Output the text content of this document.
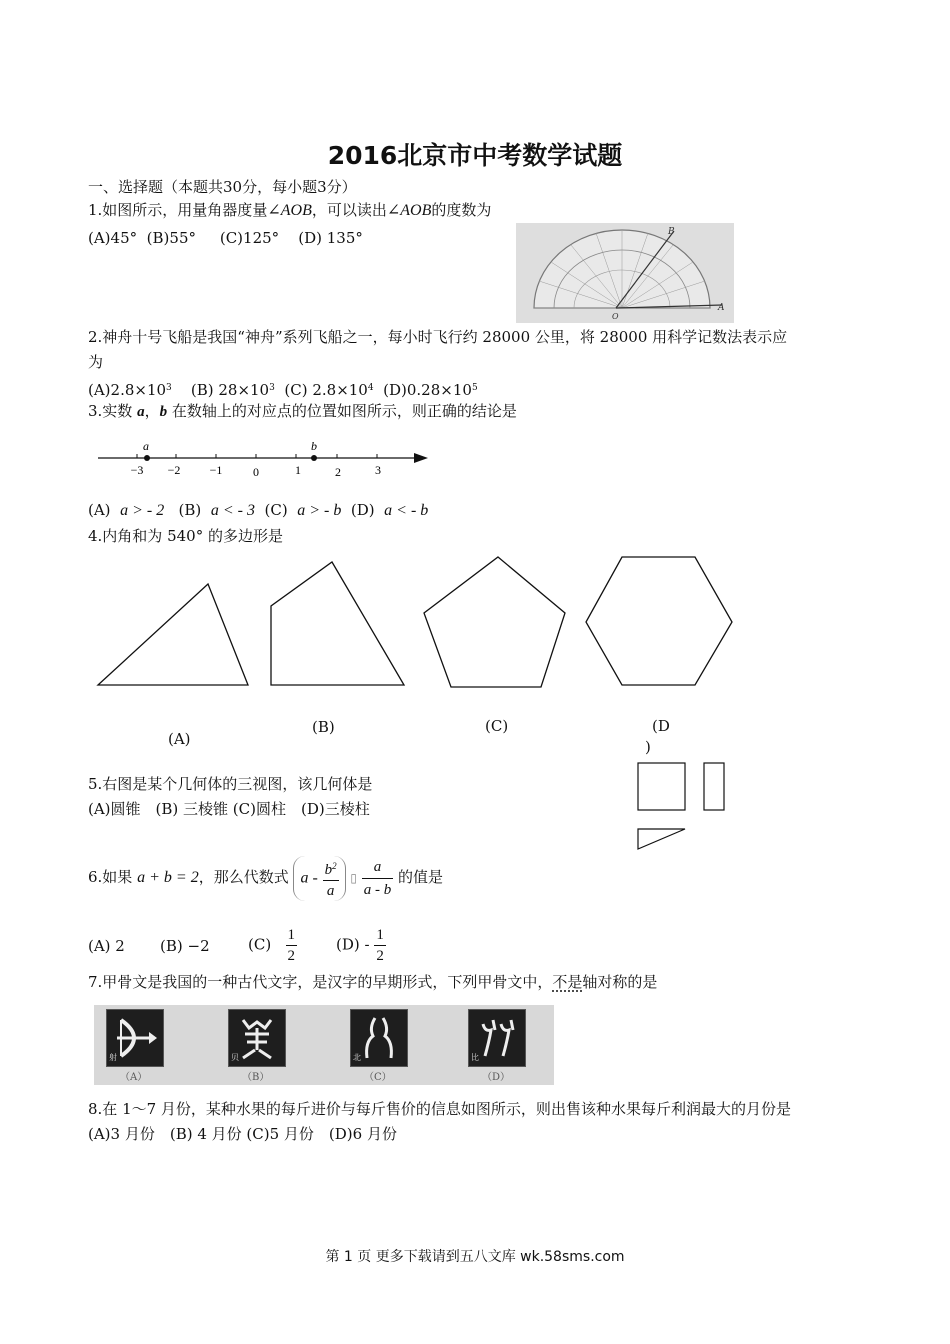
2016北京市中考数学试题
一、选择题（本题共30分，每小题3分）
1.如图所示，用量角器度量∠AOB，可以读出∠AOB的度数为
(A)45° (B)55° (C)125° (D) 135°	B
A
O
2.神舟十号飞船是我国“神舟”系列飞船之一，每小时飞行约 28000 公里，将 28000 用科学记数法表示应
为
$(A)2.8\times 10^3$ (B) $28\times 10^3$ (C) $2.8\times 10^4$ $(D)0.28\times 10^5$
3.实数 a，b 在数轴上的对应点的位置如图所示，则正确的结论是
a	b
−3 −2 −1	0	1	2	3
(A) a > - 2 (B) a < - 3 (C) a > - b (D) a < - b
4.内角和为 540° 的多边形是
(A)
(B)	(C)	(D
)
5.右图是某个几何体的三视图，该几何体是
(A)圆锥　(B) 三棱锥 (C)圆柱　(D)三棱柱
6.如果 a + b = 2，那么代数式 a - $\frac{b^2}{a}$ ▯ $\frac{a}{a - b}$ 的值是
(A) 2 (B) −2	$(C) \frac{1}{2}$	$(D) - \frac{1}{2}$
7.甲骨文是我国的一种古代文字，是汉字的早期形式，下列甲骨文中，不是轴对称的是
射	贝	北	比
（A）	（B）	（C）	（D）
8.在 1～7 月份，某种水果的每斤进价与每斤售价的信息如图所示，则出售该种水果每斤利润最大的月份是
(A)3 月份　(B) 4 月份 (C)5 月份　(D)6 月份
第 1 页 更多下载请到五八文库 wk.58sms.com
